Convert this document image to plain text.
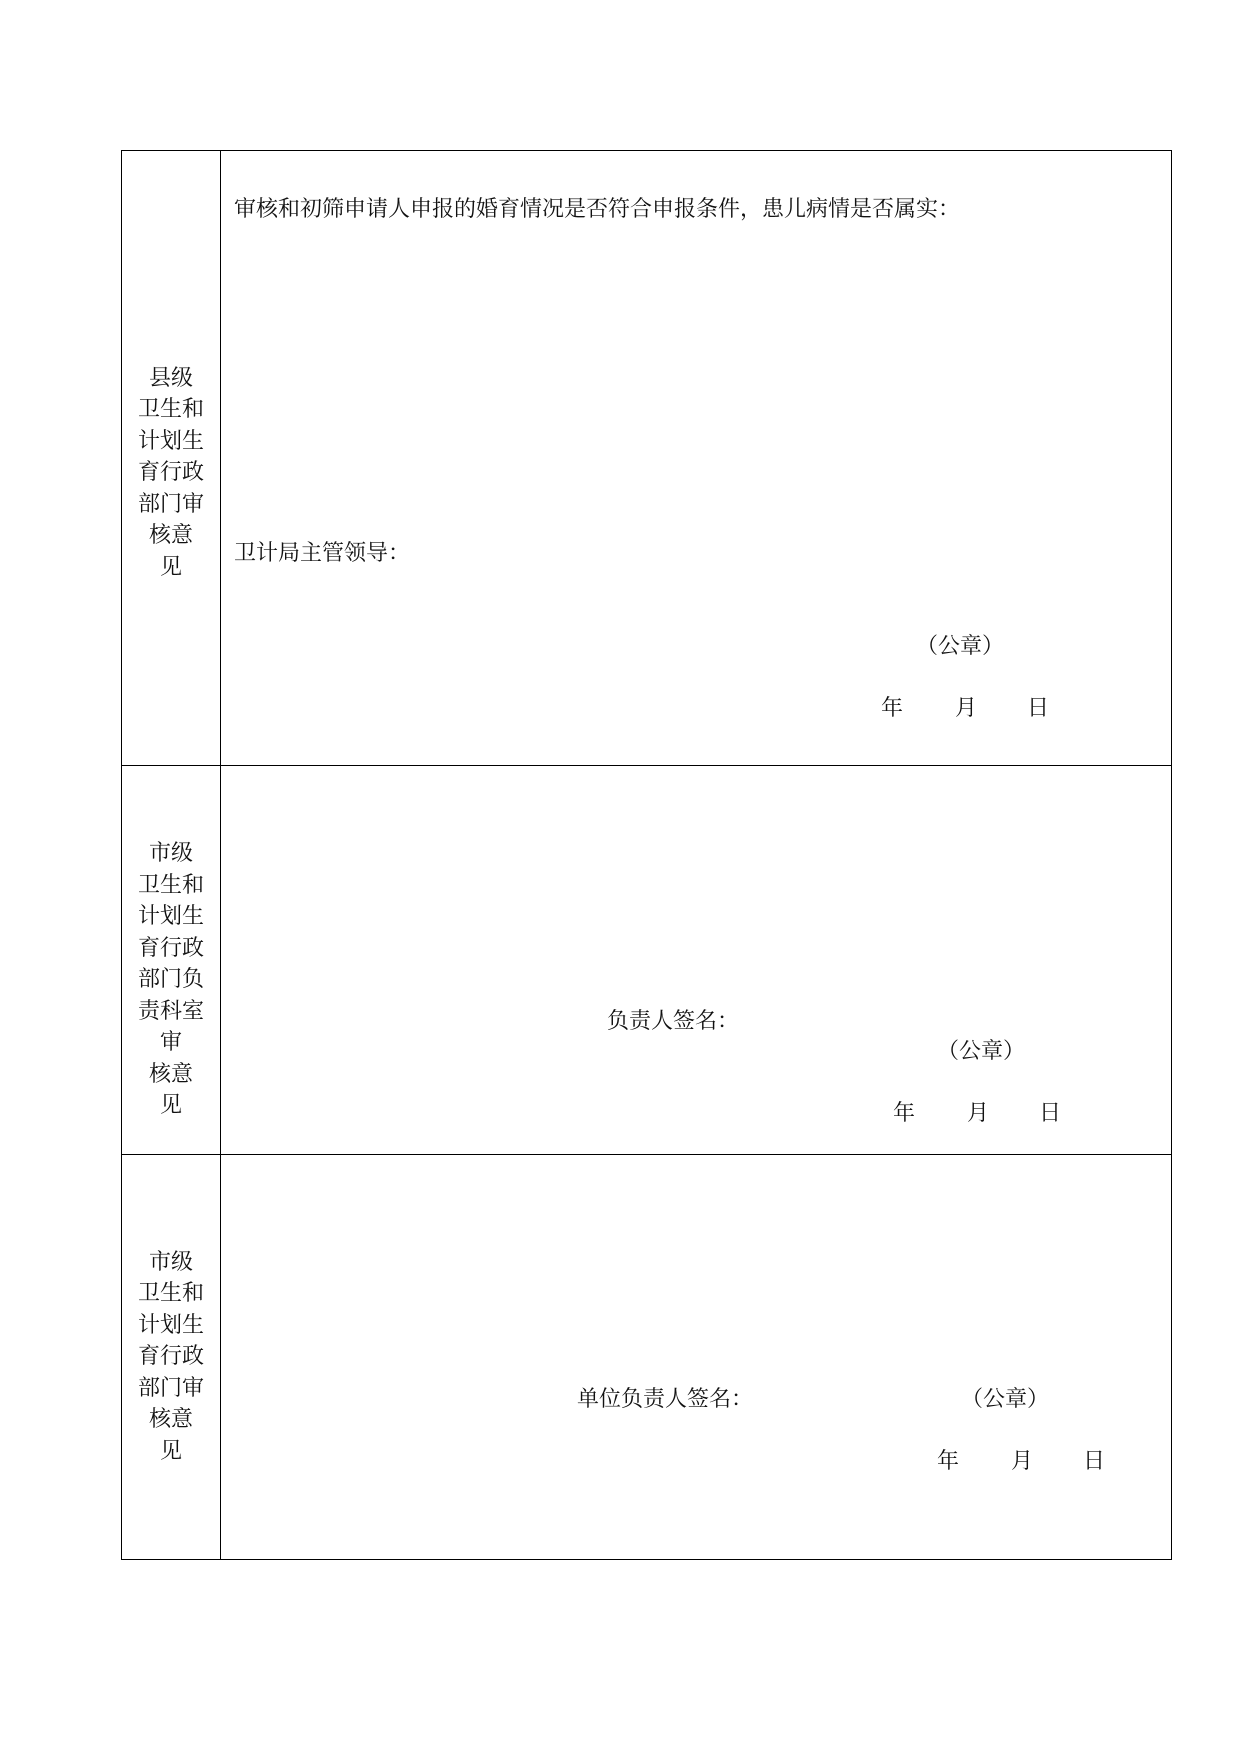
县级
卫生和
计划生
育行政
部门审
核意
见
审核和初筛申请人申报的婚育情况是否符合申报条件，患儿病情是否属实：
卫计局主管领导：
（公章）
年 月 日
市级
卫生和
计划生
育行政
部门负
责科室
审
核意
见
负责人签名：
（公章）
年 月 日
市级
卫生和
计划生
育行政
部门审
核意
见
单位负责人签名：	（公章）
年 月 日
